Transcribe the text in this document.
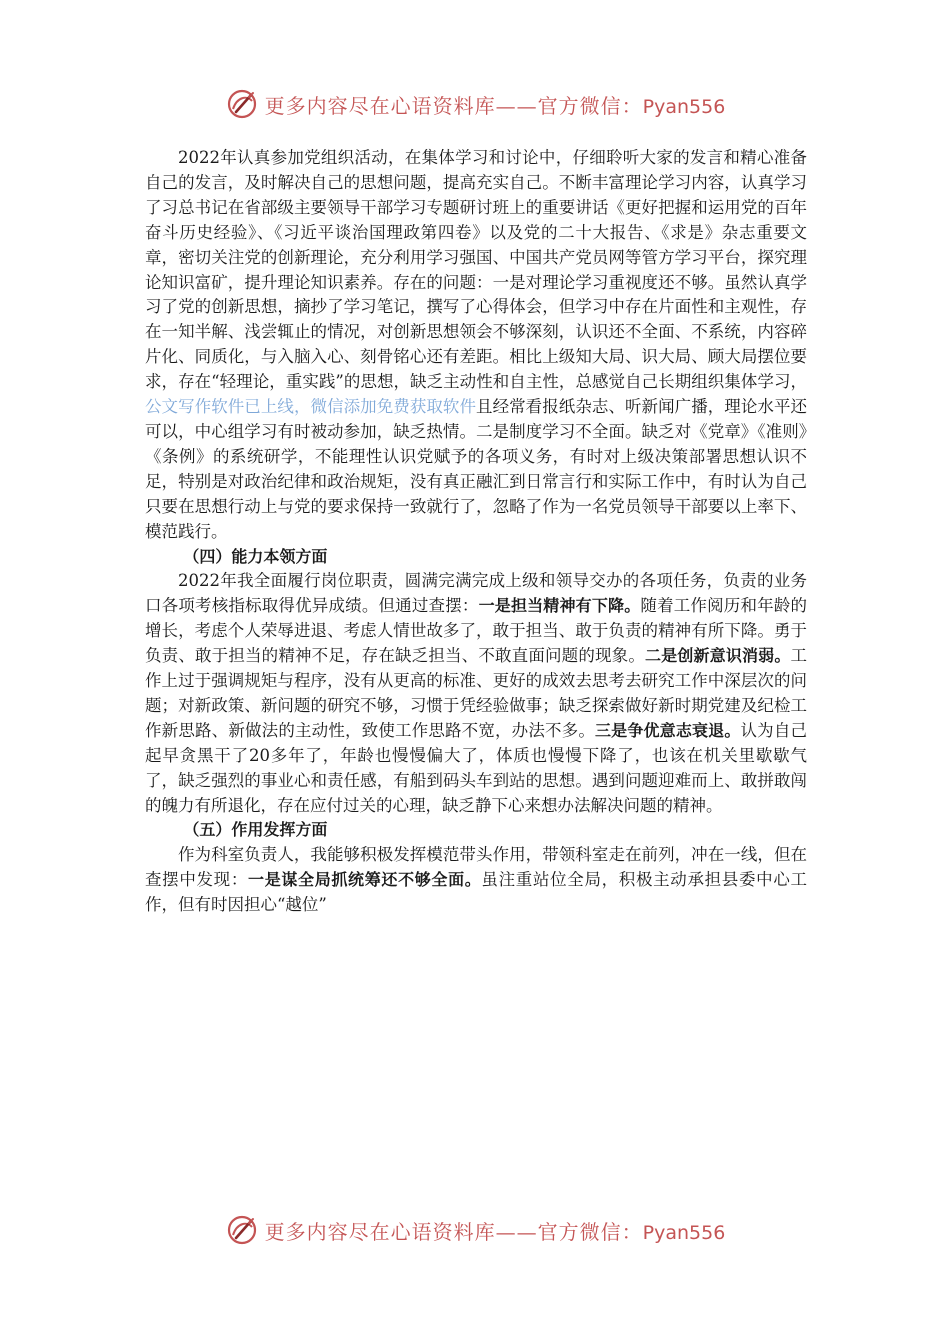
更多内容尽在心语资料库——官方微信：Pyan556

2022年认真参加党组织活动，在集体学习和讨论中，仔细聆听大家的发言和精心准备自己的发言，及时解决自己的思想问题，提高充实自己。不断丰富理论学习内容，认真学习了习总书记在省部级主要领导干部学习专题研讨班上的重要讲话《更好把握和运用党的百年奋斗历史经验》、《习近平谈治国理政第四卷》以及党的二十大报告、《求是》杂志重要文章，密切关注党的创新理论，充分利用学习强国、中国共产党员网等管方学习平台，探究理论知识富矿，提升理论知识素养。存在的问题：一是对理论学习重视度还不够。虽然认真学习了党的创新思想，摘抄了学习笔记，撰写了心得体会，但学习中存在片面性和主观性，存在一知半解、浅尝辄止的情况，对创新思想领会不够深刻，认识还不全面、不系统，内容碎片化、同质化，与入脑入心、刻骨铭心还有差距。相比上级知大局、识大局、顾大局摆位要求，存在“轻理论，重实践”的思想，缺乏主动性和自主性，总感觉自己长期组织集体学习，公文写作软件已上线，微信添加免费获取软件且经常看报纸杂志、听新闻广播，理论水平还可以，中心组学习有时被动参加，缺乏热情。二是制度学习不全面。缺乏对《党章》《准则》《条例》的系统研学，不能理性认识党赋予的各项义务，有时对上级决策部署思想认识不足，特别是对政治纪律和政治规矩，没有真正融汇到日常言行和实际工作中，有时认为自己只要在思想行动上与党的要求保持一致就行了，忽略了作为一名党员领导干部要以上率下、模范践行。

（四）能力本领方面

2022年我全面履行岗位职责，圆满完满完成上级和领导交办的各项任务，负责的业务口各项考核指标取得优异成绩。但通过查摆：一是担当精神有下降。随着工作阅历和年龄的增长，考虑个人荣辱进退、考虑人情世故多了，敢于担当、敢于负责的精神有所下降。勇于负责、敢于担当的精神不足，存在缺乏担当、不敢直面问题的现象。二是创新意识消弱。工作上过于强调规矩与程序，没有从更高的标准、更好的成效去思考去研究工作中深层次的问题；对新政策、新问题的研究不够，习惯于凭经验做事；缺乏探索做好新时期党建及纪检工作新思路、新做法的主动性，致使工作思路不宽，办法不多。三是争优意志衰退。认为自己起早贪黑干了20多年了，年龄也慢慢偏大了，体质也慢慢下降了，也该在机关里歇歇气了，缺乏强烈的事业心和责任感，有船到码头车到站的思想。遇到问题迎难而上、敢拼敢闯的魄力有所退化，存在应付过关的心理，缺乏静下心来想办法解决问题的精神。

（五）作用发挥方面

作为科室负责人，我能够积极发挥模范带头作用，带领科室走在前列，冲在一线，但在查摆中发现：一是谋全局抓统筹还不够全面。虽注重站位全局，积极主动承担县委中心工作，但有时因担心“越位”

更多内容尽在心语资料库——官方微信：Pyan556
